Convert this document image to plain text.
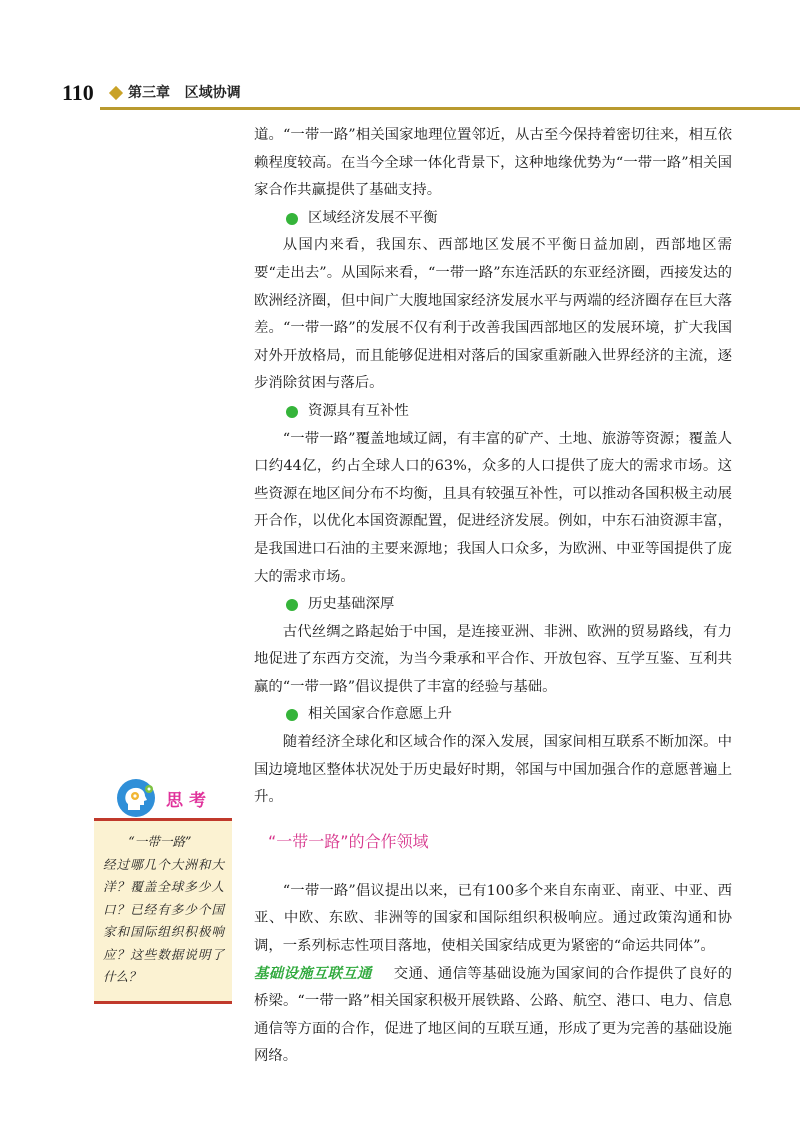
110 第三章   区域协调

道。“一带一路”相关国家地理位置邻近，从古至今保持着密切往来，相互依赖程度较高。在当今全球一体化背景下，这种地缘优势为“一带一路”相关国家合作共赢提供了基础支持。

区域经济发展不平衡

从国内来看，我国东、西部地区发展不平衡日益加剧，西部地区需要“走出去”。从国际来看，“一带一路”东连活跃的东亚经济圈，西接发达的欧洲经济圈，但中间广大腹地国家经济发展水平与两端的经济圈存在巨大落差。“一带一路”的发展不仅有利于改善我国西部地区的发展环境，扩大我国对外开放格局，而且能够促进相对落后的国家重新融入世界经济的主流，逐步消除贫困与落后。

资源具有互补性

“一带一路”覆盖地域辽阔，有丰富的矿产、土地、旅游等资源；覆盖人口约44亿，约占全球人口的63%，众多的人口提供了庞大的需求市场。这些资源在地区间分布不均衡，且具有较强互补性，可以推动各国积极主动展开合作，以优化本国资源配置，促进经济发展。例如，中东石油资源丰富，是我国进口石油的主要来源地；我国人口众多，为欧洲、中亚等国提供了庞大的需求市场。

历史基础深厚

古代丝绸之路起始于中国，是连接亚洲、非洲、欧洲的贸易路线，有力地促进了东西方交流，为当今秉承和平合作、开放包容、互学互鉴、互利共赢的“一带一路”倡议提供了丰富的经验与基础。

相关国家合作意愿上升

随着经济全球化和区域合作的深入发展，国家间相互联系不断加深。中国边境地区整体状况处于历史最好时期，邻国与中国加强合作的意愿普遍上升。

“一带一路”的合作领域

“一带一路”倡议提出以来，已有100多个来自东南亚、南亚、中亚、西亚、中欧、东欧、非洲等的国家和国际组织积极响应。通过政策沟通和协调，一系列标志性项目落地，使相关国家结成更为紧密的“命运共同体”。

基础设施互联互通 交通、通信等基础设施为国家间的合作提供了良好的桥梁。“一带一路”相关国家积极开展铁路、公路、航空、港口、电力、信息通信等方面的合作，促进了地区间的互联互通，形成了更为完善的基础设施网络。

思考

“一带一路”
经过哪几个大洲和大洋？覆盖全球多少人口？已经有多少个国家和国际组织积极响应？这些数据说明了什么？
